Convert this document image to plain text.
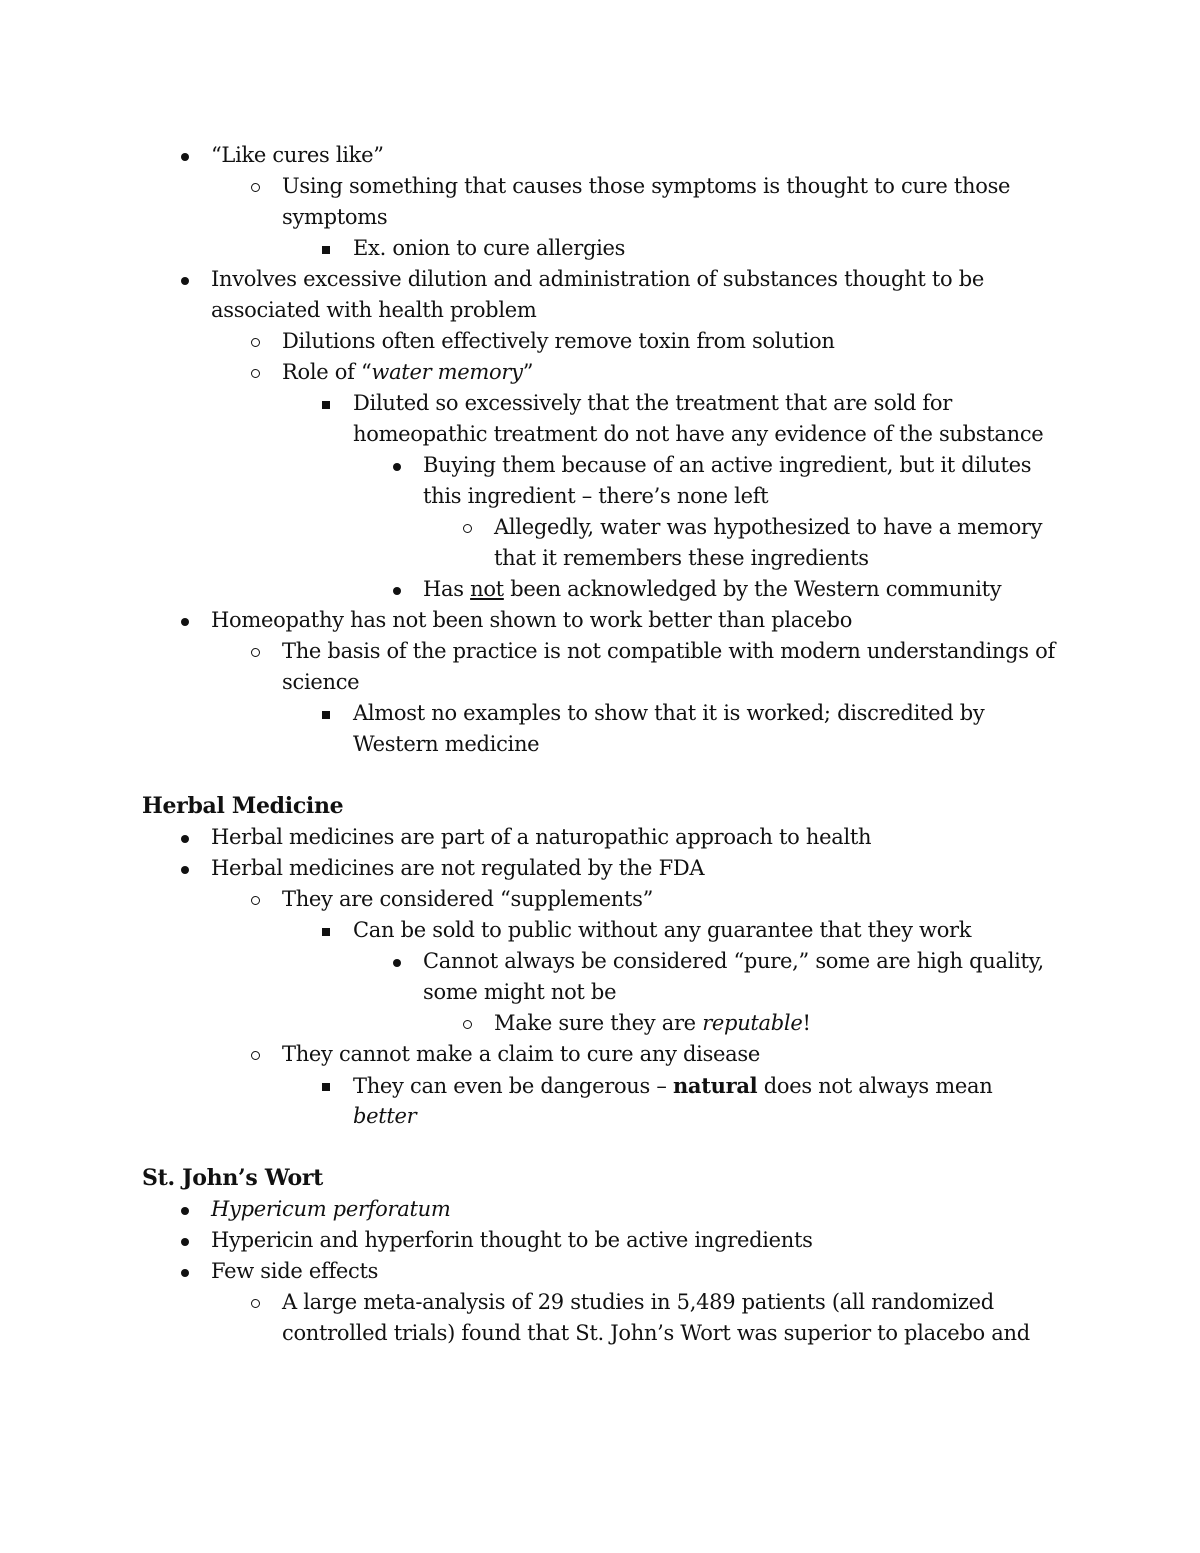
“Like cures like”
Using something that causes those symptoms is thought to cure those
symptoms
Ex. onion to cure allergies
Involves excessive dilution and administration of substances thought to be
associated with health problem
Dilutions often effectively remove toxin from solution
Role of “water memory”
Diluted so excessively that the treatment that are sold for
homeopathic treatment do not have any evidence of the substance
Buying them because of an active ingredient, but it dilutes
this ingredient – there’s none left
Allegedly, water was hypothesized to have a memory
that it remembers these ingredients
Has not been acknowledged by the Western community
Homeopathy has not been shown to work better than placebo
The basis of the practice is not compatible with modern understandings of
science
Almost no examples to show that it is worked; discredited by
Western medicine
Herbal Medicine
Herbal medicines are part of a naturopathic approach to health
Herbal medicines are not regulated by the FDA
They are considered “supplements”
Can be sold to public without any guarantee that they work
Cannot always be considered “pure,” some are high quality,
some might not be
Make sure they are reputable!
They cannot make a claim to cure any disease
They can even be dangerous – natural does not always mean
better
St. John’s Wort
Hypericum perforatum
Hypericin and hyperforin thought to be active ingredients
Few side effects
A large meta-analysis of 29 studies in 5,489 patients (all randomized
controlled trials) found that St. John’s Wort was superior to placebo and
